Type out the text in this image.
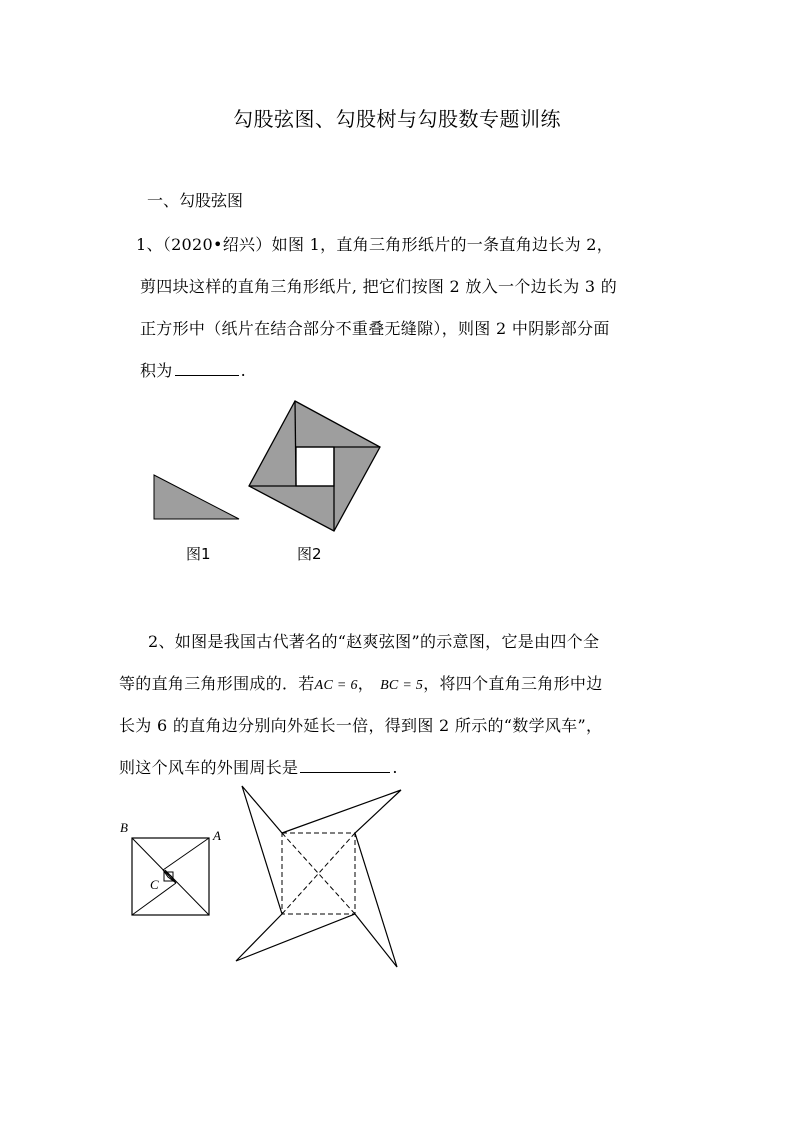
勾股弦图、勾股树与勾股数专题训练
一、勾股弦图
1、（2020•绍兴）如图 1，直角三角形纸片的一条直角边长为 2，
剪四块这样的直角三角形纸片, 把它们按图 2 放入一个边长为 3 的
正方形中（纸片在结合部分不重叠无缝隙），则图 2 中阴影部分面
积为	.
图1	图2
2、如图是我国古代著名的“赵爽弦图”的示意图，它是由四个全
等的直角三角形围成的．若AC = 6， BC = 5，将四个直角三角形中边
长为 6 的直角边分别向外延长一倍，得到图 2 所示的“数学风车”，
则这个风车的外围周长是	.
B
A
C
